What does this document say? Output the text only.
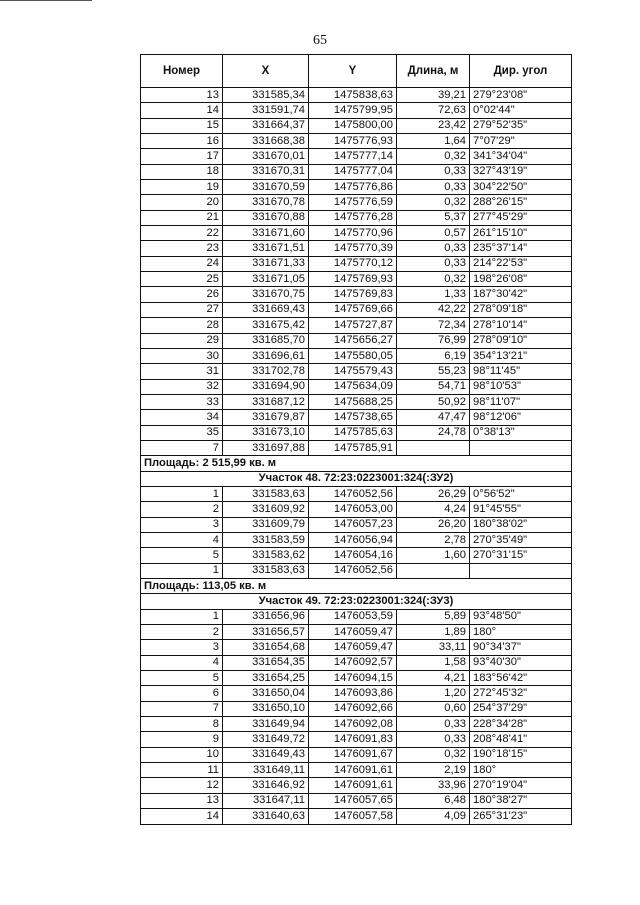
65
Номер	X	Y	Длина, м	Дир. угол
13	331585,34	1475838,63	39,21	279°23'08"
14	331591,74	1475799,95	72,63	0°02'44"
15	331664,37	1475800,00	23,42	279°52'35"
16	331668,38	1475776,93	1,64	7°07'29"
17	331670,01	1475777,14	0,32	341°34'04"
18	331670,31	1475777,04	0,33	327°43'19"
19	331670,59	1475776,86	0,33	304°22'50"
20	331670,78	1475776,59	0,32	288°26'15"
21	331670,88	1475776,28	5,37	277°45'29"
22	331671,60	1475770,96	0,57	261°15'10"
23	331671,51	1475770,39	0,33	235°37'14"
24	331671,33	1475770,12	0,33	214°22'53"
25	331671,05	1475769,93	0,32	198°26'08"
26	331670,75	1475769,83	1,33	187°30'42"
27	331669,43	1475769,66	42,22	278°09'18"
28	331675,42	1475727,87	72,34	278°10'14"
29	331685,70	1475656,27	76,99	278°09'10"
30	331696,61	1475580,05	6,19	354°13'21"
31	331702,78	1475579,43	55,23	98°11'45"
32	331694,90	1475634,09	54,71	98°10'53"
33	331687,12	1475688,25	50,92	98°11'07"
34	331679,87	1475738,65	47,47	98°12'06"
35	331673,10	1475785,63	24,78	0°38'13"
7	331697,88	1475785,91		
Площадь: 2 515,99 кв. м				
Участок 48. 72:23:0223001:324(:ЗУ2)				
1	331583,63	1476052,56	26,29	0°56'52"
2	331609,92	1476053,00	4,24	91°45'55"
3	331609,79	1476057,23	26,20	180°38'02"
4	331583,59	1476056,94	2,78	270°35'49"
5	331583,62	1476054,16	1,60	270°31'15"
1	331583,63	1476052,56		
Площадь: 113,05 кв. м				
Участок 49. 72:23:0223001:324(:ЗУ3)				
1	331656,96	1476053,59	5,89	93°48'50"
2	331656,57	1476059,47	1,89	180°
3	331654,68	1476059,47	33,11	90°34'37"
4	331654,35	1476092,57	1,58	93°40'30"
5	331654,25	1476094,15	4,21	183°56'42"
6	331650,04	1476093,86	1,20	272°45'32"
7	331650,10	1476092,66	0,60	254°37'29"
8	331649,94	1476092,08	0,33	228°34'28"
9	331649,72	1476091,83	0,33	208°48'41"
10	331649,43	1476091,67	0,32	190°18'15"
11	331649,11	1476091,61	2,19	180°
12	331646,92	1476091,61	33,96	270°19'04"
13	331647,11	1476057,65	6,48	180°38'27"
14	331640,63	1476057,58	4,09	265°31'23"
